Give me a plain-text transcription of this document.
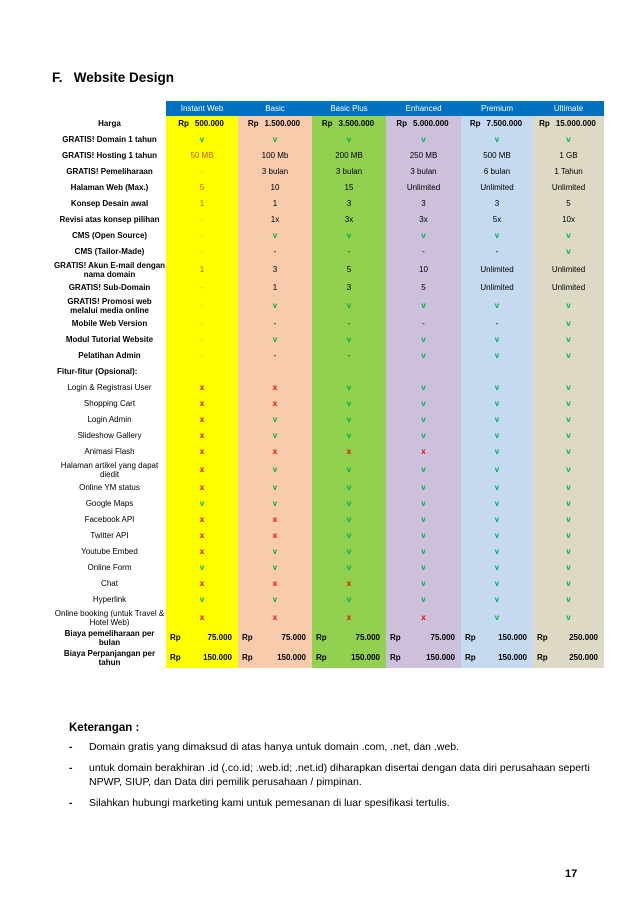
F. Website Design
	Instant Web	Basic	Basic Plus	Enhanced	Premium	Ultimate
Harga	Rp 500.000	Rp 1.500.000	Rp 3.500.000	Rp 5.000.000	Rp 7.500.000	Rp 15.000.000

GRATIS! Domain 1 tahun	v	v	v	v	v	v
GRATIS! Hosting 1 tahun	50 MB	100 Mb	200 MB	250 MB	500 MB	1 GB
GRATIS! Pemeliharaan	-	3 bulan	3 bulan	3 bulan	6 bulan	1 Tahun
Halaman Web (Max.)	5	10	15	Unlimited	Unlimited	Unlimited
Konsep Desain awal	1	1	3	3	3	5
Revisi atas konsep pilihan	-	1x	3x	3x	5x	10x
CMS (Open Source)	-	v	v	v	v	v
CMS (Tailor-Made)	-	-	-	-	-	v
GRATIS! Akun E-mail dengan nama domain	1	3	5	10	Unlimited	Unlimited
GRATIS! Sub-Domain	-	1	3	5	Unlimited	Unlimited
GRATIS! Promosi web melalui media online	-	v	v	v	v	v
Mobile Web Version	-	-	-	-	-	v
Modul Tutorial Website	-	v	v	v	v	v
Pelatihan Admin	-	-	-	v	v	v
Fitur-fitur (Opsional):						
Login & Registrasi User	x	x	v	v	v	v
Shopping Cart	x	x	v	v	v	v
Login Admin	x	v	v	v	v	v
Slideshow Gallery	x	v	v	v	v	v
Animasi Flash	x	x	x	x	v	v
Halaman artikel yang dapat diedit	x	v	v	v	v	v
Online YM status	x	v	v	v	v	v
Google Maps	v	v	v	v	v	v
Facebook API	x	x	v	v	v	v
Twitter API	x	x	v	v	v	v
Youtube Embed	x	v	v	v	v	v
Online Form	v	v	v	v	v	v
Chat	x	x	x	v	v	v
Hyperlink	v	v	v	v	v	v
Online booking (untuk Travel & Hotel Web)	x	x	x	x	v	v
Biaya pemeliharaan per bulan	Rp 75.000	Rp 75.000	Rp 75.000	Rp 75.000	Rp 150.000	Rp 250.000

Biaya Perpanjangan per tahun	Rp 150.000	Rp 150.000	Rp 150.000	Rp 150.000	Rp 150.000	Rp 250.000
Keterangan :
- Domain gratis yang dimaksud di atas hanya untuk domain .com, .net, dan .web.
- untuk domain berakhiran .id (.co.id; .web.id; .net.id) diharapkan disertai dengan data diri perusahaan seperti NPWP, SIUP, dan Data diri pemilik perusahaan / pimpinan.
- Silahkan hubungi marketing kami untuk pemesanan di luar spesifikasi tertulis.
17
